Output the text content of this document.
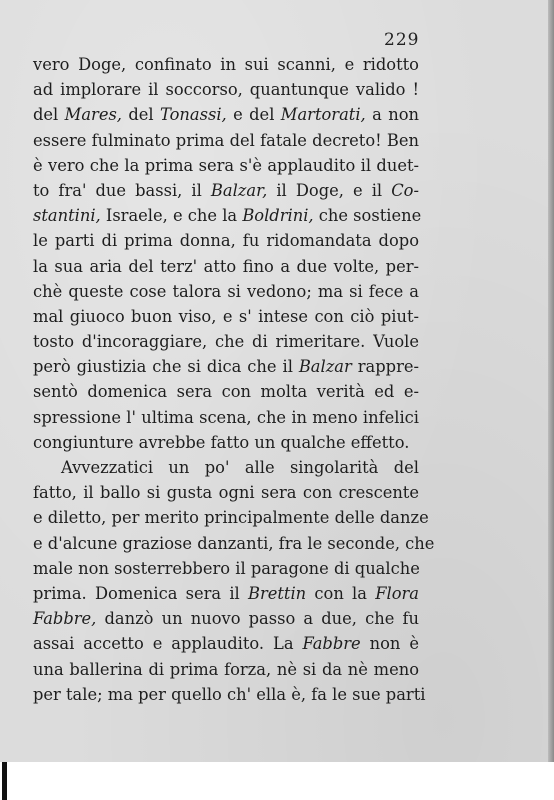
229
vero Doge, confinato in sui scanni, e ridotto
ad implorare il soccorso, quantunque valido !
del Mares, del Tonassi, e del Martorati, a non
essere fulminato prima del fatale decreto! Ben
è vero che la prima sera s'è applaudito il duet-
to fra' due bassi, il Balzar, il Doge, e il Co-
stantini, Israele, e che la Boldrini, che sostiene
le parti di prima donna, fu ridomandata dopo
la sua aria del terz' atto fino a due volte, per-
chè queste cose talora si vedono; ma si fece a
mal giuoco buon viso, e s' intese con ciò piut-
tosto d'incoraggiare, che di rimeritare. Vuole
però giustizia che si dica che il Balzar rappre-
sentò domenica sera con molta verità ed e-
spressione l' ultima scena, che in meno infelici
congiunture avrebbe fatto un qualche effetto.
Avvezzatici un po' alle singolarità del
fatto, il ballo si gusta ogni sera con crescente
e diletto, per merito principalmente delle danze
e d'alcune graziose danzanti, fra le seconde, che
male non sosterrebbero il paragone di qualche
prima. Domenica sera il Brettin con la Flora
Fabbre, danzò un nuovo passo a due, che fu
assai accetto e applaudito. La Fabbre non è
una ballerina di prima forza, nè si da nè meno
per tale; ma per quello ch' ella è, fa le sue parti
